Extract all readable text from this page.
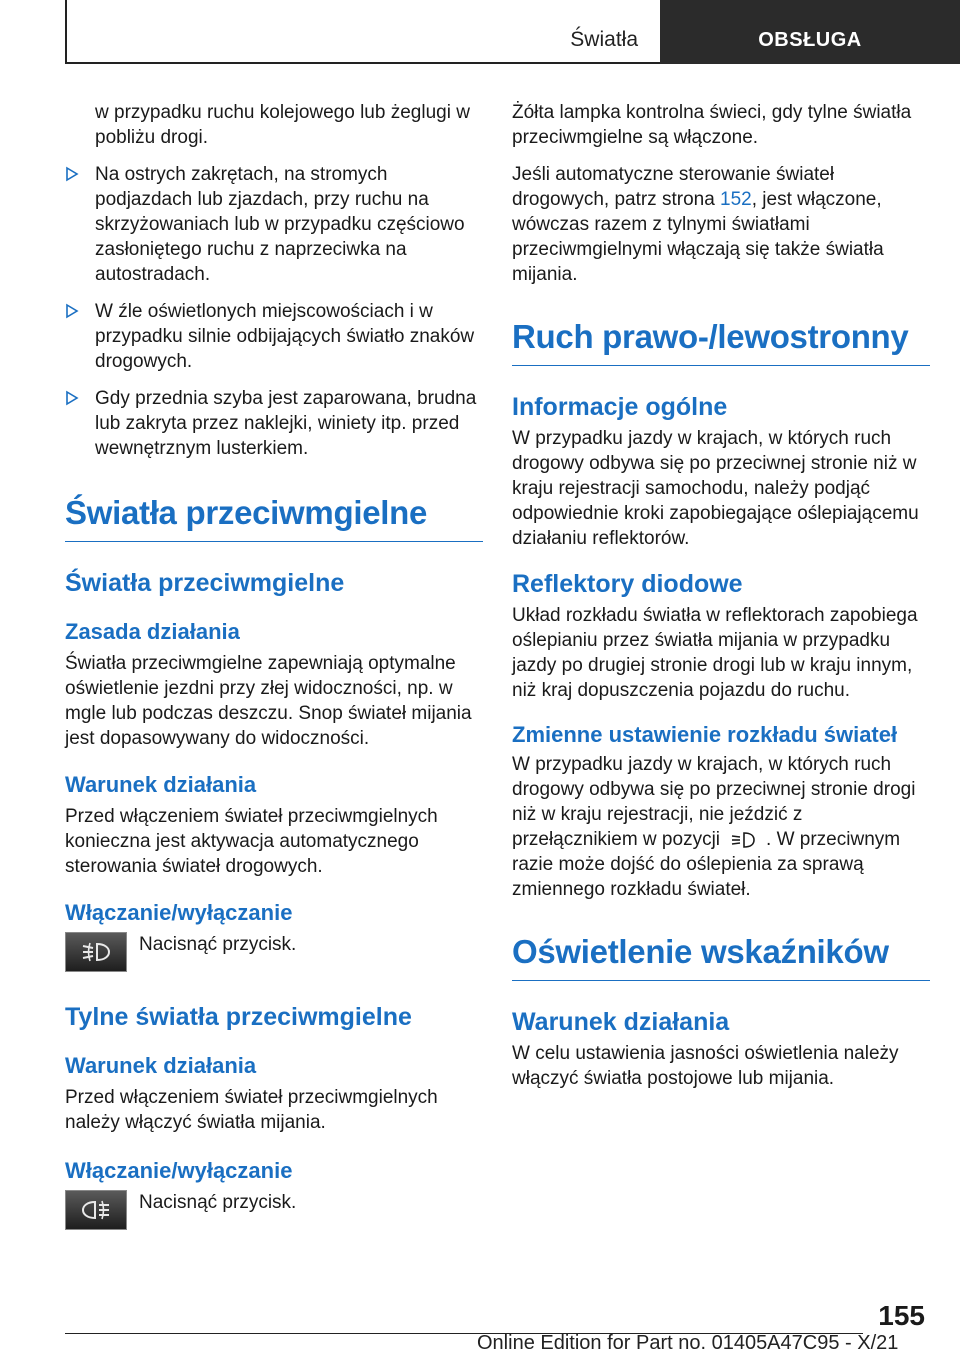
Światła	OBSŁUGA

w przypadku ruchu kolejowego lub żeglugi w pobliżu drogi.

Na ostrych zakrętach, na stromych podjazdach lub zjazdach, przy ruchu na skrzyżowaniach lub w przypadku częściowo zasłoniętego ruchu z naprzeciwka na autostradach.

W źle oświetlonych miejscowościach i w przypadku silnie odbijających światło znaków drogowych.

Gdy przednia szyba jest zaparowana, brudna lub zakryta przez naklejki, winiety itp. przed wewnętrznym lusterkiem.

Światła przeciwmgielne
Światła przeciwmgielne
Zasada działania

Światła przeciwmgielne zapewniają optymalne oświetlenie jezdni przy złej widoczności, np. w mgle lub podczas deszczu. Snop świateł mijania jest dopasowywany do widoczności.

Warunek działania

Przed włączeniem świateł przeciwmgielnych konieczna jest aktywacja automatycznego sterowania świateł drogowych.

Włączanie/wyłączanie

Nacisnąć przycisk.

Tylne światła przeciwmgielne
Warunek działania

Przed włączeniem świateł przeciwmgielnych należy włączyć światła mijania.

Włączanie/wyłączanie

Nacisnąć przycisk.

Żółta lampka kontrolna świeci, gdy tylne światła przeciwmgielne są włączone.

Jeśli automatyczne sterowanie świateł drogowych, patrz strona 152, jest włączone, wówczas razem z tylnymi światłami przeciwmgielnymi włączają się także światła mijania.

Ruch prawo-/lewostronny
Informacje ogólne

W przypadku jazdy w krajach, w których ruch drogowy odbywa się po przeciwnej stronie niż w kraju rejestracji samochodu, należy podjąć odpowiednie kroki zapobiegające oślepiającemu działaniu reflektorów.

Reflektory diodowe

Układ rozkładu światła w reflektorach zapobiega oślepianiu przez światła mijania w przypadku jazdy po drugiej stronie drogi lub w kraju innym, niż kraj dopuszczenia pojazdu do ruchu.

Zmienne ustawienie rozkładu świateł

W przypadku jazdy w krajach, w których ruch drogowy odbywa się po przeciwnej stronie drogi niż w kraju rejestracji, nie jeździć z przełącznikiem w pozycji . W przeciwnym razie może dojść do oślepienia za sprawą zmiennego rozkładu świateł.

Oświetlenie wskaźników
Warunek działania

W celu ustawienia jasności oświetlenia należy włączyć światła postojowe lub mijania.

155
Online Edition for Part no. 01405A47C95 - X/21
